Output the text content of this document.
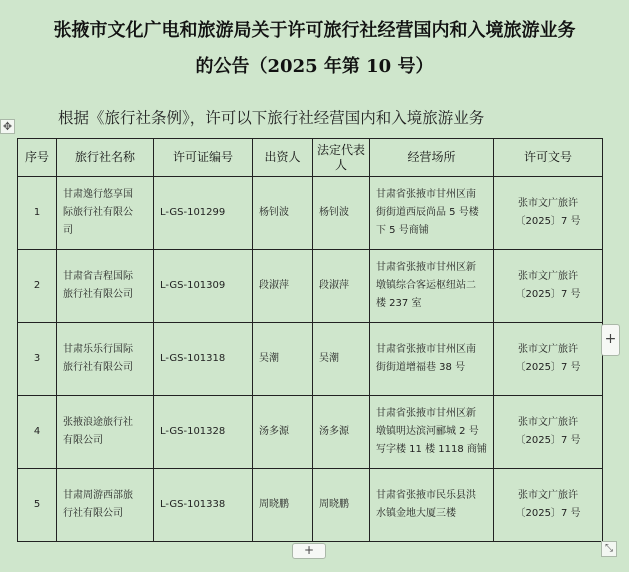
张掖市文化广电和旅游局关于许可旅行社经营国内和入境旅游业务
的公告（2025 年第 10 号）
根据《旅行社条例》，许可以下旅行社经营国内和入境旅游业务
✥
序号	旅行社名称	许可证编号	出资人	法定代表人	经营场所	许可文号
1	甘肃逸行悠享国
际旅行社有限公
司	L-GS-101299	杨钊波	杨钊波	甘肃省张掖市甘州区南
街街道西辰尚品 5 号楼
下 5 号商铺	张市文广旅许
〔2025〕7 号
2	甘肃省吉程国际
旅行社有限公司	L-GS-101309	段淑萍	段淑萍	甘肃省张掖市甘州区新
墩镇综合客运枢纽站二
楼 237 室	张市文广旅许
〔2025〕7 号
3	甘肃乐乐行国际
旅行社有限公司	L-GS-101318	吴潮	吴潮	甘肃省张掖市甘州区南
街街道增福巷 38 号	张市文广旅许
〔2025〕7 号
4	张掖浪途旅行社
有限公司	L-GS-101328	汤多源	汤多源	甘肃省张掖市甘州区新
墩镇明达滨河郦城 2 号
写字楼 11 楼 1118 商铺	张市文广旅许
〔2025〕7 号
5	甘肃周游西部旅
行社有限公司	L-GS-101338	周晓鹏	周晓鹏	甘肃省张掖市民乐县洪
水镇金地大厦三楼	张市文广旅许
〔2025〕7 号
+
+	⤡
